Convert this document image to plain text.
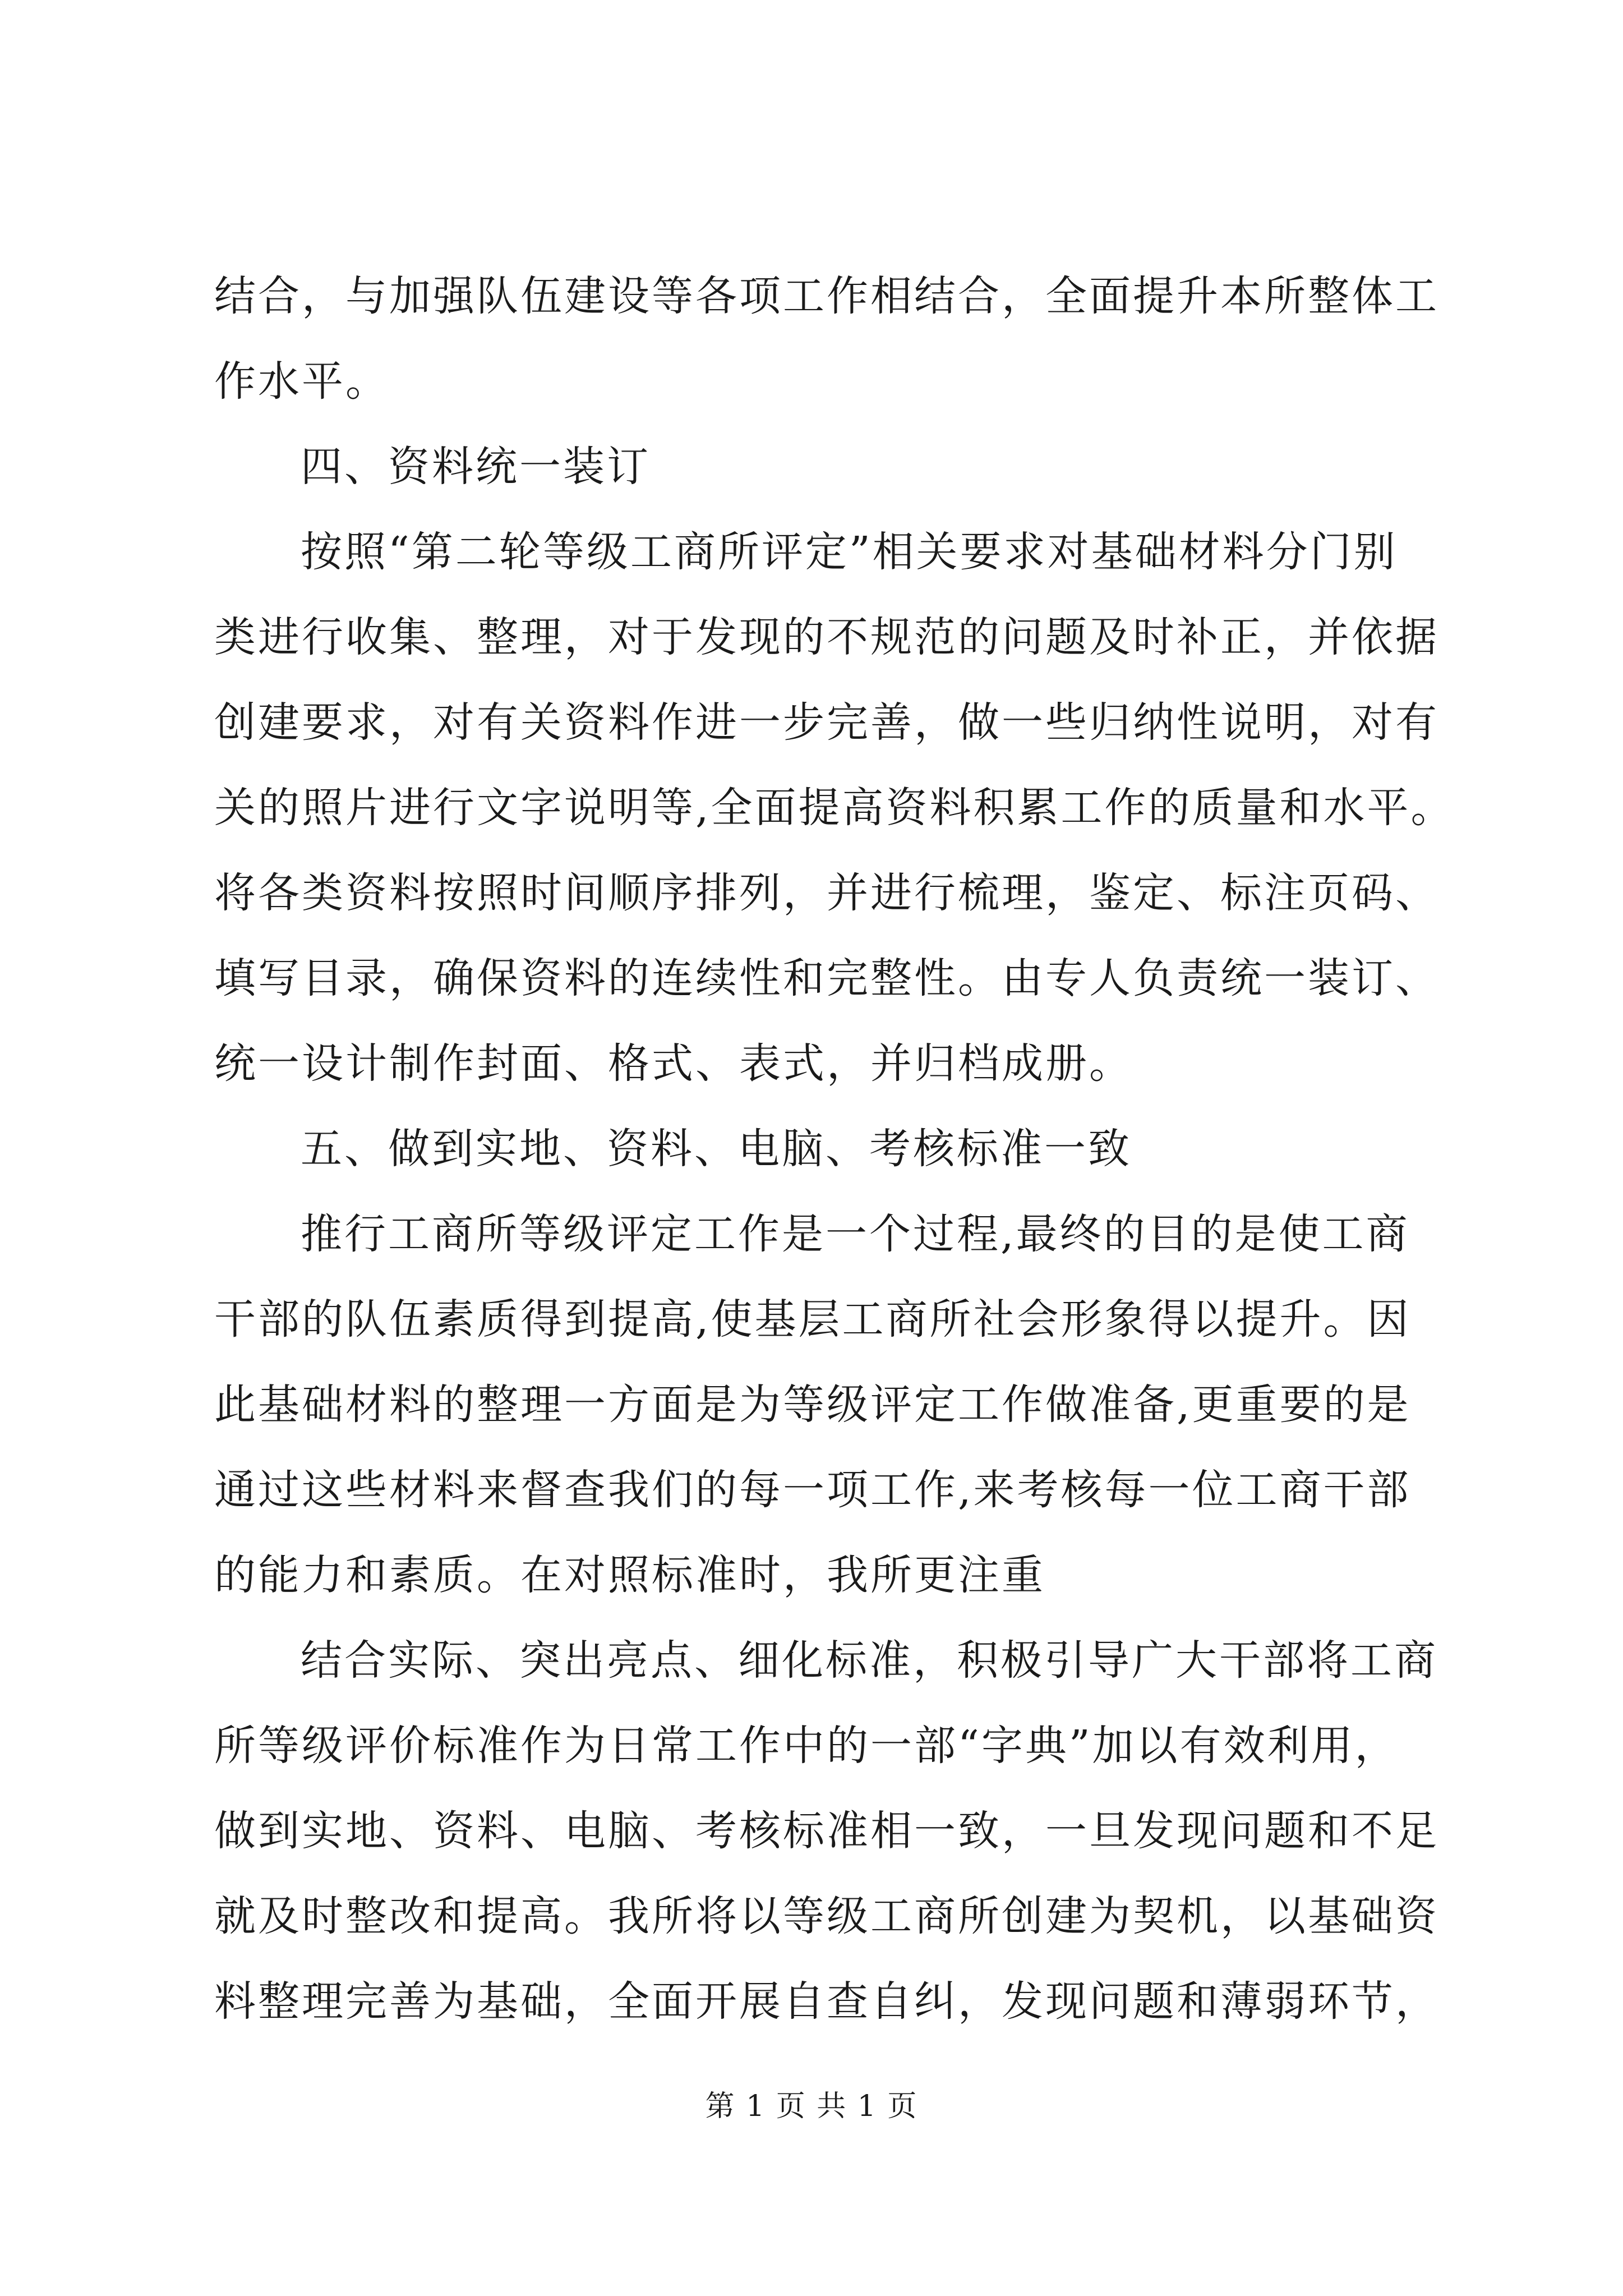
结合，与加强队伍建设等各项工作相结合，全面提升本所整体工
作水平。
四、资料统一装订
按照“第二轮等级工商所评定”相关要求对基础材料分门别
类进行收集、整理，对于发现的不规范的问题及时补正，并依据
创建要求，对有关资料作进一步完善，做一些归纳性说明，对有
关的照片进行文字说明等,全面提高资料积累工作的质量和水平。
将各类资料按照时间顺序排列，并进行梳理，鉴定、标注页码、
填写目录，确保资料的连续性和完整性。由专人负责统一装订、
统一设计制作封面、格式、表式，并归档成册。
五、做到实地、资料、电脑、考核标准一致
推行工商所等级评定工作是一个过程,最终的目的是使工商
干部的队伍素质得到提高,使基层工商所社会形象得以提升。因
此基础材料的整理一方面是为等级评定工作做准备,更重要的是
通过这些材料来督查我们的每一项工作,来考核每一位工商干部
的能力和素质。在对照标准时，我所更注重
结合实际、突出亮点、细化标准，积极引导广大干部将工商
所等级评价标准作为日常工作中的一部“字典”加以有效利用，
做到实地、资料、电脑、考核标准相一致，一旦发现问题和不足
就及时整改和提高。我所将以等级工商所创建为契机，以基础资
料整理完善为基础，全面开展自查自纠，发现问题和薄弱环节，
第 1 页 共 1 页
